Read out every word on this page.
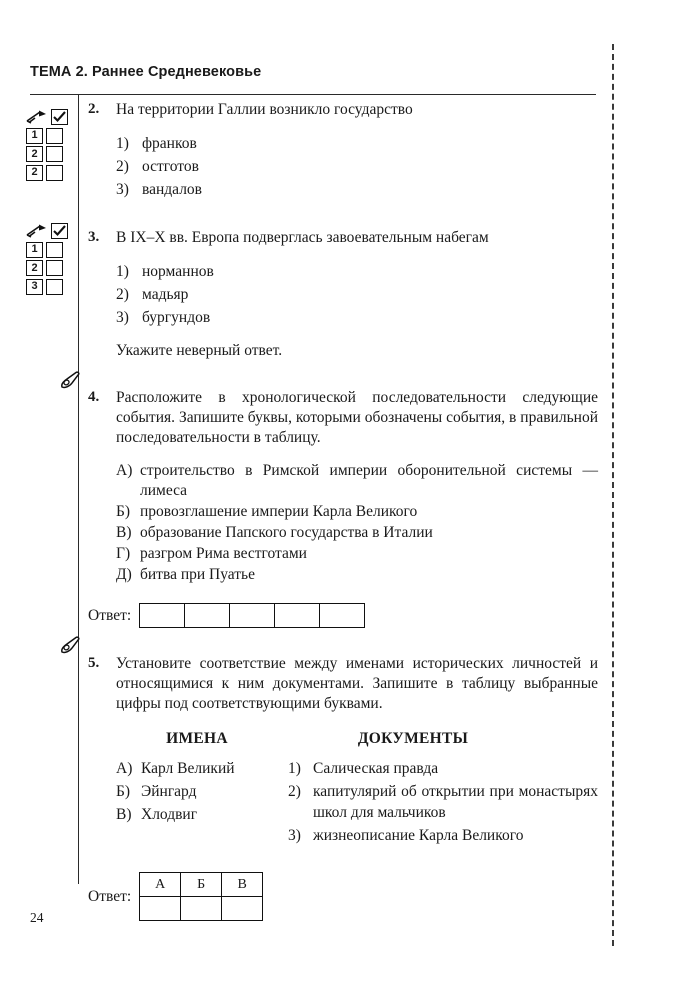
ТЕМА 2. Раннее Средневековье
1
2
2
1
2
3
2.	На территории Галлии возникло государство
1) франков
2) остготов
3) вандалов
3.	В IX–X вв. Европа подверглась завоевательным набегам
1) норманнов
2) мадьяр
3) бургундов
Укажите неверный ответ.
4.	Расположите в хронологической последовательности следующие события. Запишите буквы, которыми обозначены события, в правильной последовательности в таблицу.
А) строительство в Римской империи оборонительной системы — лимеса
Б) провозглашение империи Карла Великого
В) образование Папского государства в Италии
Г) разгром Рима вестготами
Д) битва при Пуатье
Ответ:

5.	Установите соответствие между именами исторических личностей и относящимися к ним документами. Запишите в таблицу выбранные цифры под соответствующими буквами.
ИМЕНА
А) Карл Великий
Б) Эйнгард
В) Хлодвиг
ДОКУМЕНТЫ
1) Салическая правда
2) капитулярий об открытии при монастырях школ для мальчиков
3) жизнеописание Карла Великого
Ответ:
А	Б	В

24
